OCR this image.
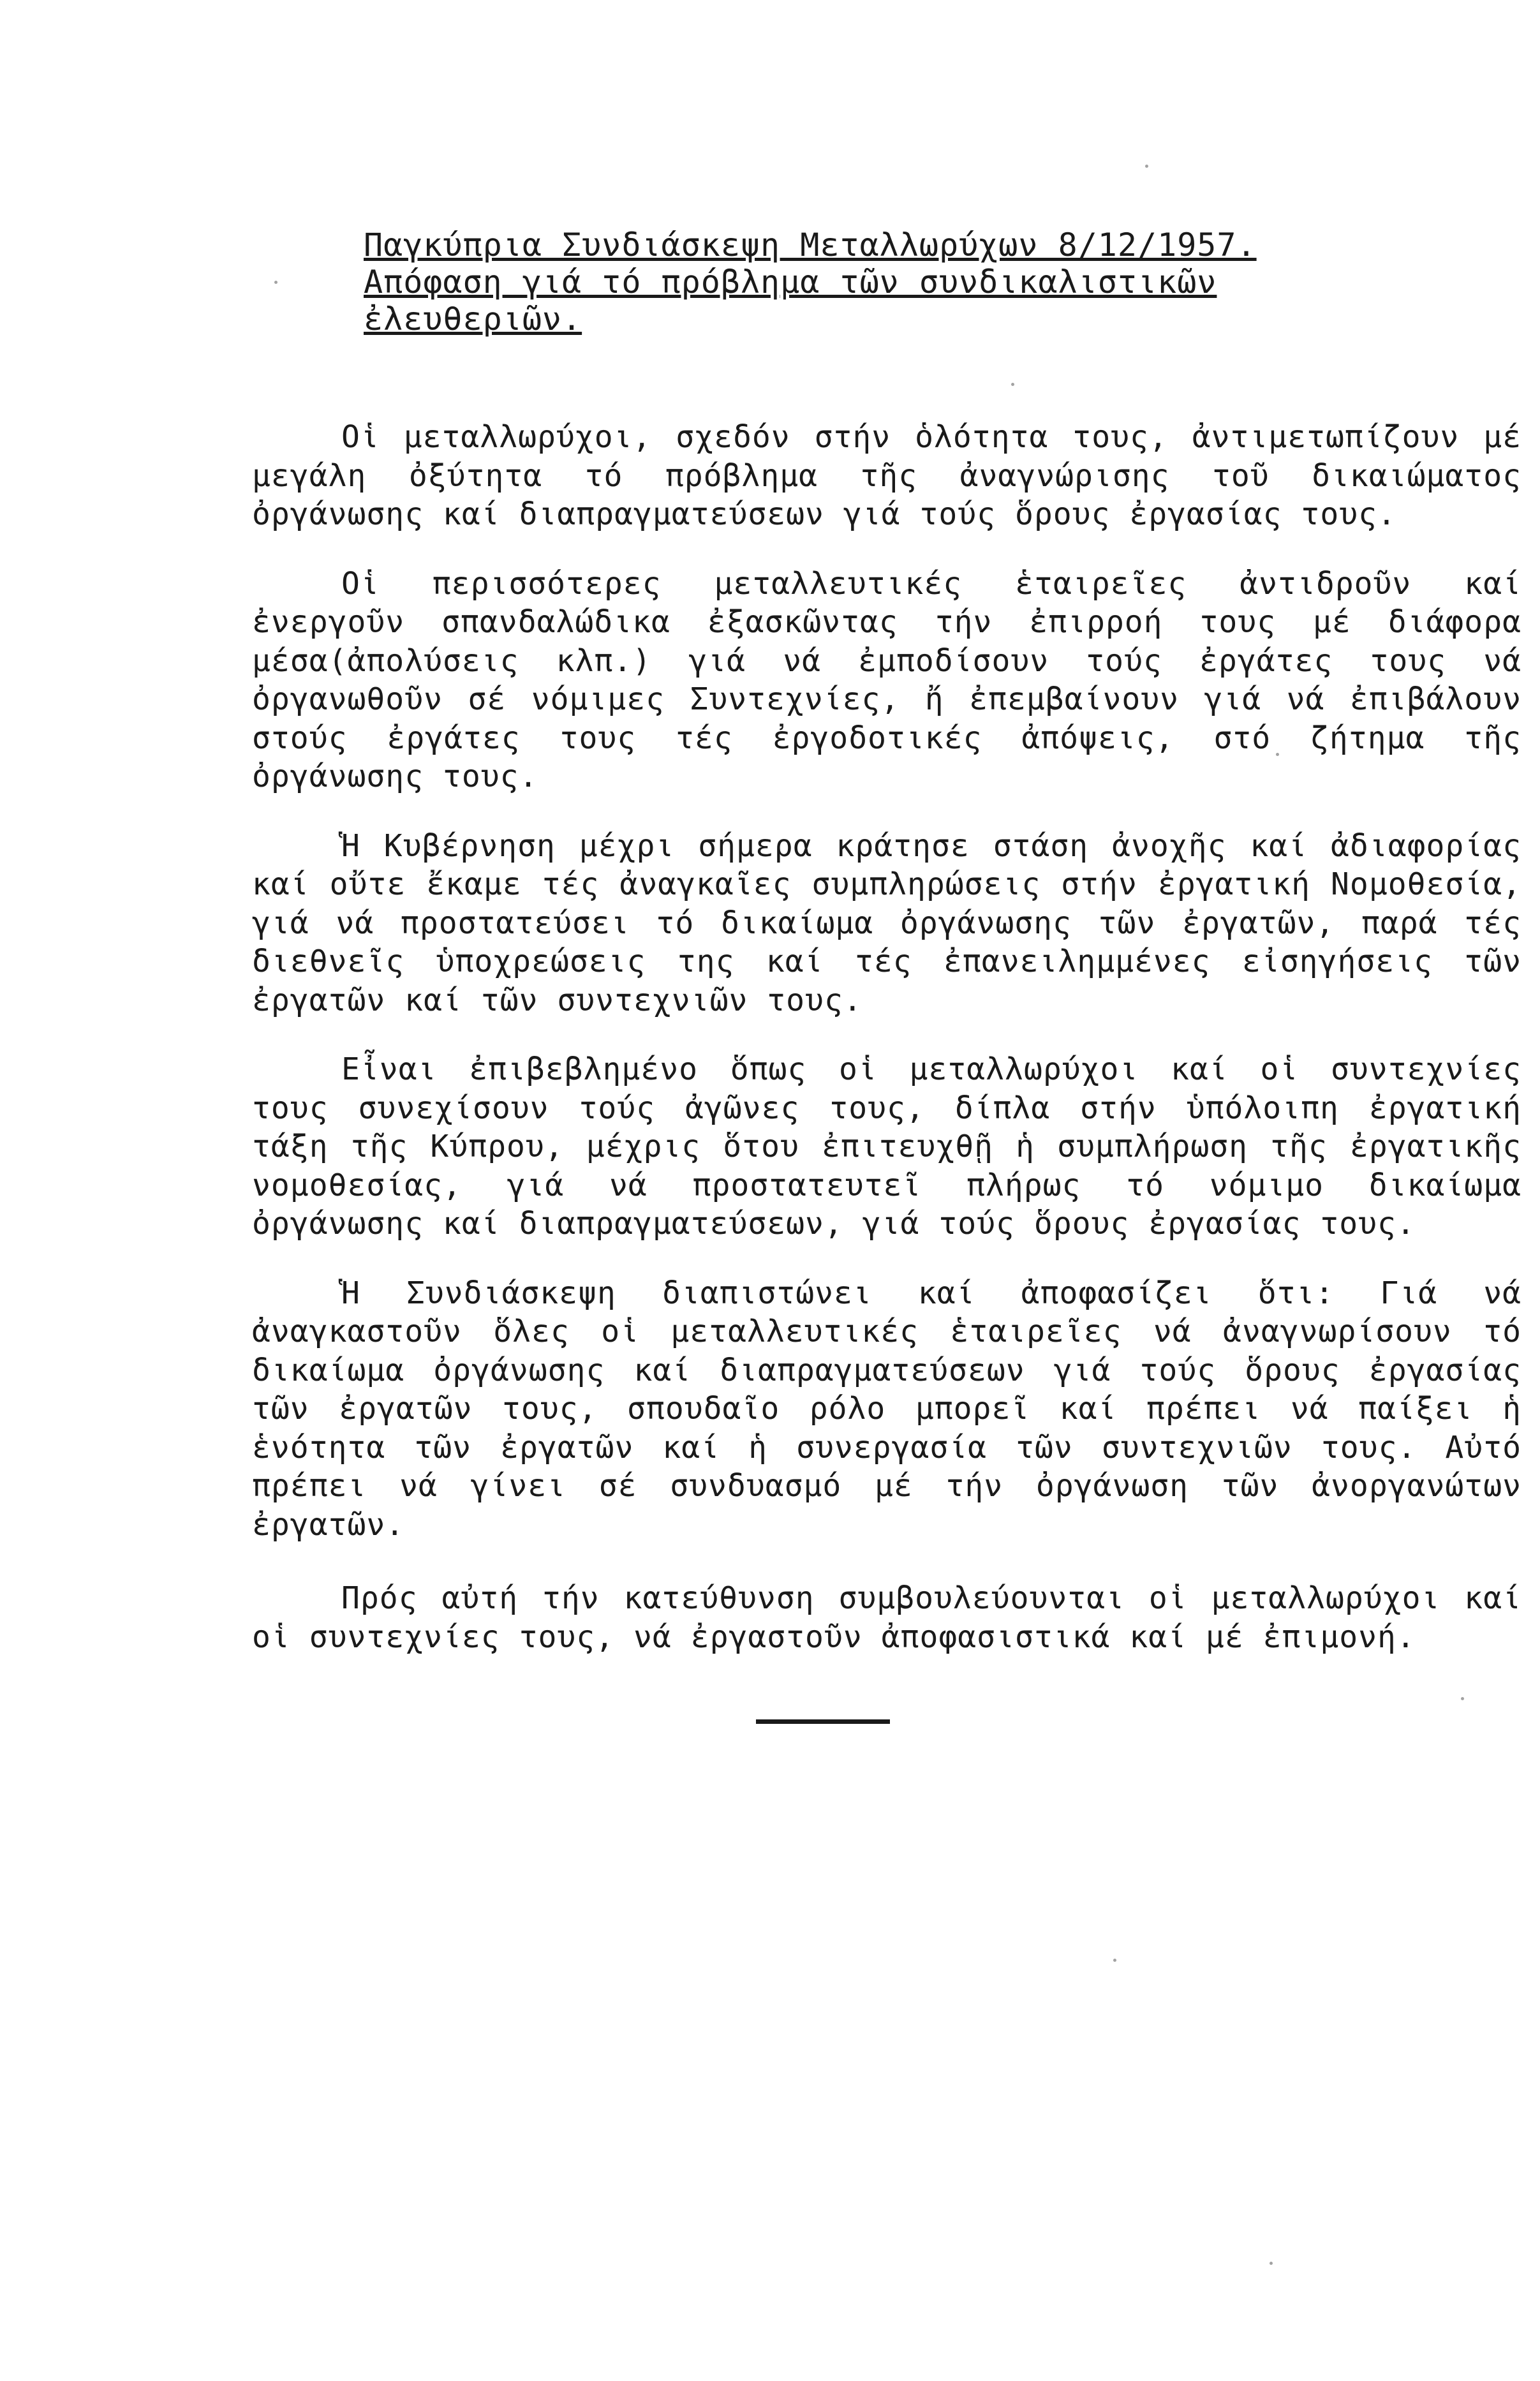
Παγκύπρια Συνδιάσκεψη Μεταλλωρύχων 8/12/1957.
Απόφαση γιά τό πρόβλημα τῶν συνδικαλιστικῶν
ἐλευθεριῶν.

Οἱ μεταλλωρύχοι, σχεδόν στήν ὁλότητα τους, ἀντιμετωπίζουν μέ μεγάλη ὀξύτητα τό πρόβλημα τῆς ἀναγνώρισης τοῦ δικαιώματος ὀργάνωσης καί διαπραγματεύσεων γιά τούς ὅρους ἐργασίας τους.

Οἱ περισσότερες μεταλλευτικές ἑταιρεῖες ἀντιδροῦν καί ἐνεργοῦν σπανδαλώδικα ἐξασκῶντας τήν ἐπιρροή τους μέ διάφορα μέσα(ἀπολύσεις κλπ.) γιά νά ἐμποδίσουν τούς ἐργάτες τους νά ὀργανωθοῦν σέ νόμιμες Συντεχνίες, ἤ ἐπεμβαίνουν γιά νά ἐπιβάλουν στούς ἐργάτες τους τές ἐργοδοτικές ἀπόψεις, στό ζήτημα τῆς ὀργάνωσης τους.

Ἡ Κυβέρνηση μέχρι σήμερα κράτησε στάση ἀνοχῆς καί ἀδιαφορίας καί οὔτε ἔκαμε τές ἀναγκαῖες συμπληρώσεις στήν ἐργατική Νομοθεσία, γιά νά προστατεύσει τό δικαίωμα ὀργάνωσης τῶν ἐργατῶν, παρά τές διεθνεῖς ὑποχρεώσεις της καί τές ἐπανειλημμένες εἰσηγήσεις τῶν ἐργατῶν καί τῶν συντεχνιῶν τους.

Εἶναι ἐπιβεβλημένο ὅπως οἱ μεταλλωρύχοι καί οἱ συντεχνίες τους συνεχίσουν τούς ἀγῶνες τους, δίπλα στήν ὑπόλοιπη ἐργατική τάξη τῆς Κύπρου, μέχρις ὅτου ἐπιτευχθῇ ἡ συμπλήρωση τῆς ἐργατικῆς νομοθεσίας, γιά νά προστατευτεῖ πλήρως τό νόμιμο δικαίωμα ὀργάνωσης καί διαπραγματεύσεων, γιά τούς ὅρους ἐργασίας τους.

Ἡ Συνδιάσκεψη διαπιστώνει καί ἀποφασίζει ὅτι: Γιά νά ἀναγκαστοῦν ὅλες οἱ μεταλλευτικές ἑταιρεῖες νά ἀναγνωρίσουν τό δικαίωμα ὀργάνωσης καί διαπραγματεύσεων γιά τούς ὅρους ἐργασίας τῶν ἐργατῶν τους, σπουδαῖο ρόλο μπορεῖ καί πρέπει νά παίξει ἡ ἑνότητα τῶν ἐργατῶν καί ἡ συνεργασία τῶν συντεχνιῶν τους. Αὐτό πρέπει νά γίνει σέ συνδυασμό μέ τήν ὀργάνωση τῶν ἀνοργανώτων ἐργατῶν.

Πρός αὐτή τήν κατεύθυνση συμβουλεύουνται οἱ μεταλλωρύχοι καί οἱ συντεχνίες τους, νά ἐργαστοῦν ἀποφασιστικά καί μέ ἐπιμονή.
